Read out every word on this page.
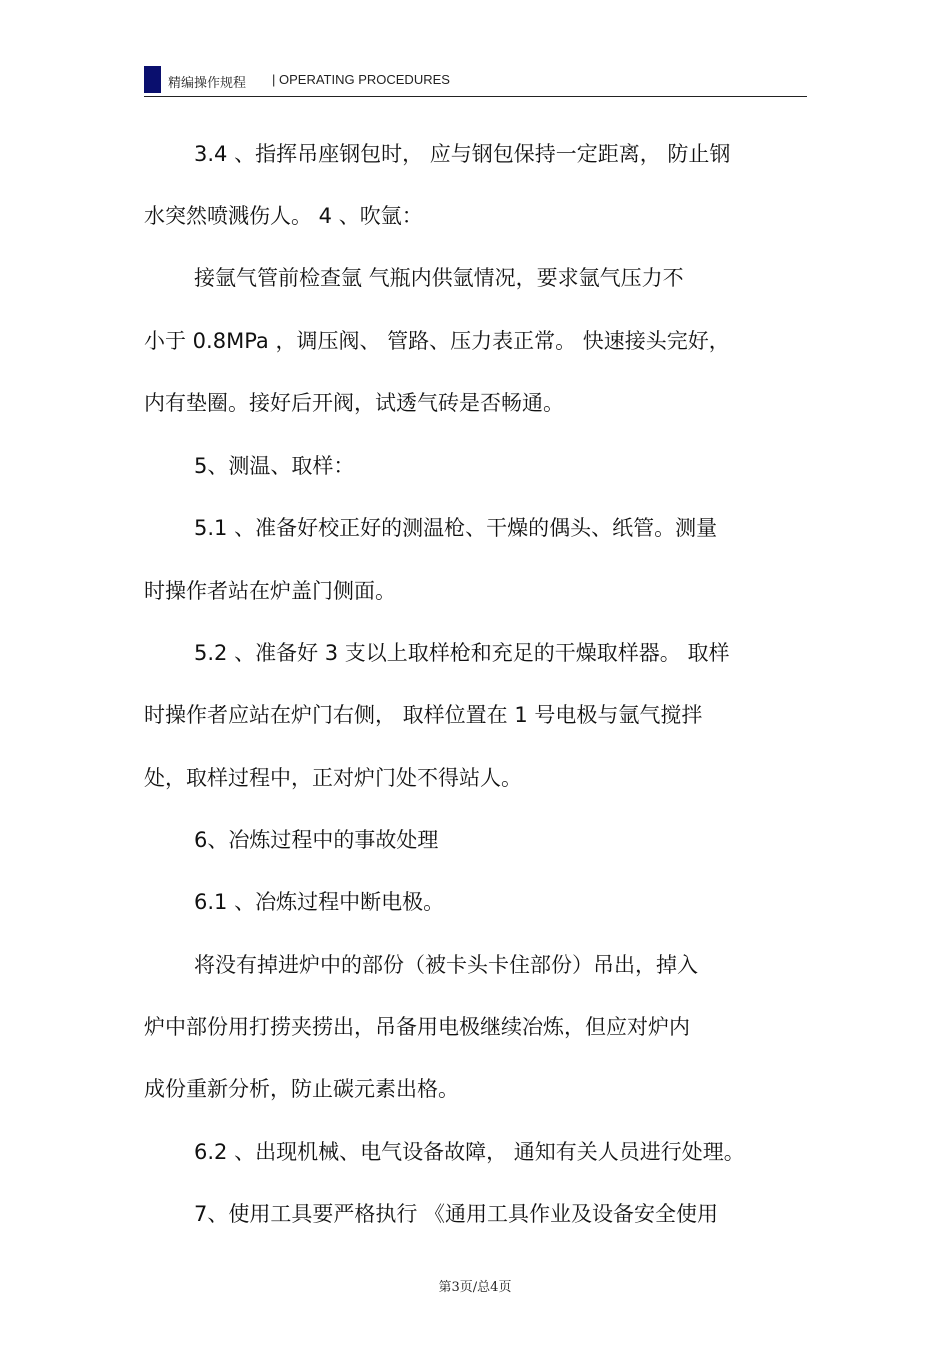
精编操作规程 | OPERATING PROCEDURES
3.4 、指挥吊座钢包时， 应与钢包保持一定距离， 防止钢
水突然喷溅伤人。 4 、吹氩：
接氩气管前检查氩 气瓶内供氩情况，要求氩气压力不
小于 0.8MPa ，调压阀、 管路、压力表正常。 快速接头完好，
内有垫圈。接好后开阀，试透气砖是否畅通。
5、测温、取样：
5.1 、准备好校正好的测温枪、干燥的偶头、纸管。测量
时操作者站在炉盖门侧面。
5.2 、准备好 3 支以上取样枪和充足的干燥取样器。 取样
时操作者应站在炉门右侧， 取样位置在 1 号电极与氩气搅拌
处，取样过程中，正对炉门处不得站人。
6、冶炼过程中的事故处理
6.1 、冶炼过程中断电极。
将没有掉进炉中的部份（被卡头卡住部份）吊出，掉入
炉中部份用打捞夹捞出，吊备用电极继续冶炼，但应对炉内
成份重新分析，防止碳元素出格。
6.2 、出现机械、电气设备故障， 通知有关人员进行处理。
7、使用工具要严格执行 《通用工具作业及设备安全使用
第3页/总4页
